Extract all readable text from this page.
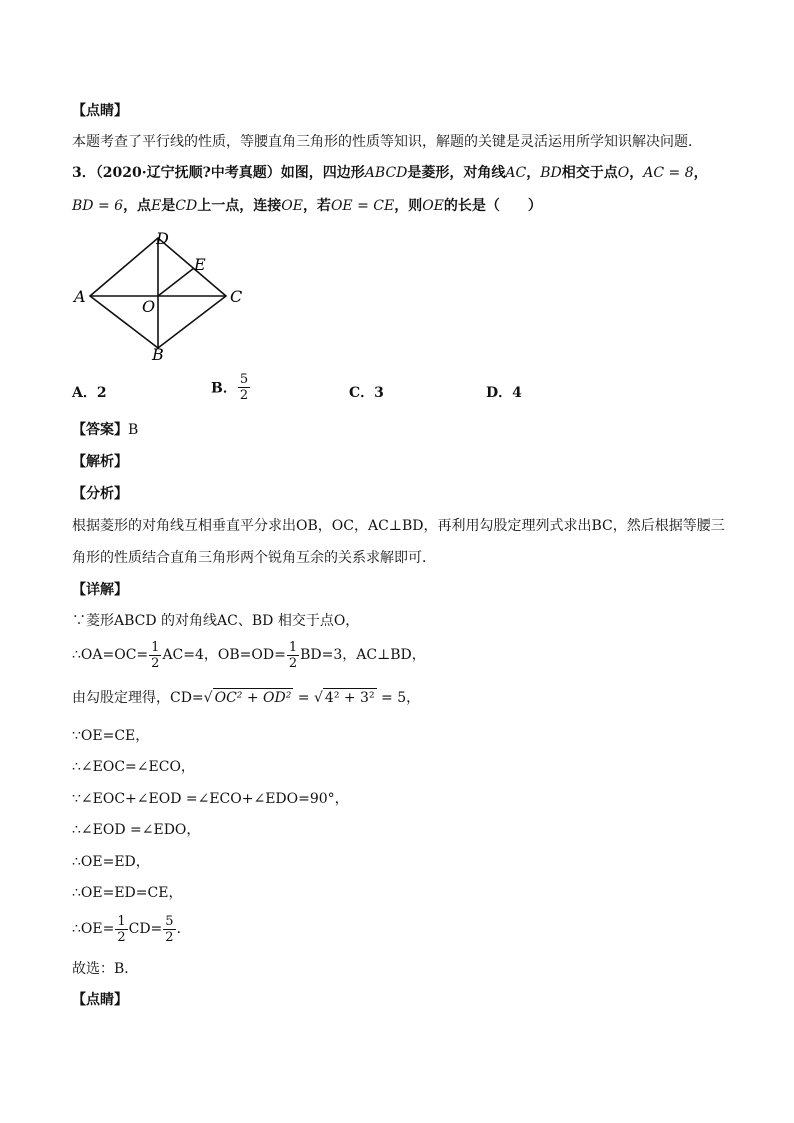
【点睛】
本题考查了平行线的性质，等腰直角三角形的性质等知识，解题的关键是灵活运用所学知识解决问题．
3．（2020·辽宁抚顺?中考真题）如图，四边形ABCD是菱形，对角线AC，BD相交于点O，AC = 8，
BD = 6，点E是CD上一点，连接OE，若OE = CE，则OE的长是（　　）
D
E
A	C
O
B
A．2	B． $\frac{5}{2}$	C．3	D．4
【答案】B
【解析】
【分析】
根据菱形的对角线互相垂直平分求出OB，OC，AC⊥BD，再利用勾股定理列式求出BC，然后根据等腰三
角形的性质结合直角三角形两个锐角互余的关系求解即可．
【详解】
∵菱形ABCD 的对角线AC、BD 相交于点O，
∴OA=OC= $\frac{1}{2} AC=4$，$OB=OD= \frac{1}{2} BD=3$，AC⊥BD，
由勾股定理得，CD=√ OC² + OD² = √ 4² + 3² = 5，
∵OE=CE，
∴∠EOC=∠ECO，
∵∠EOC+∠EOD =∠ECO+∠EDO=90°，
∴∠EOD =∠EDO，
∴OE=ED，
∴OE=ED=CE，
∴OE= $\frac{1}{2} CD= \frac{5}{2}$ ．
故选：B．
【点睛】
